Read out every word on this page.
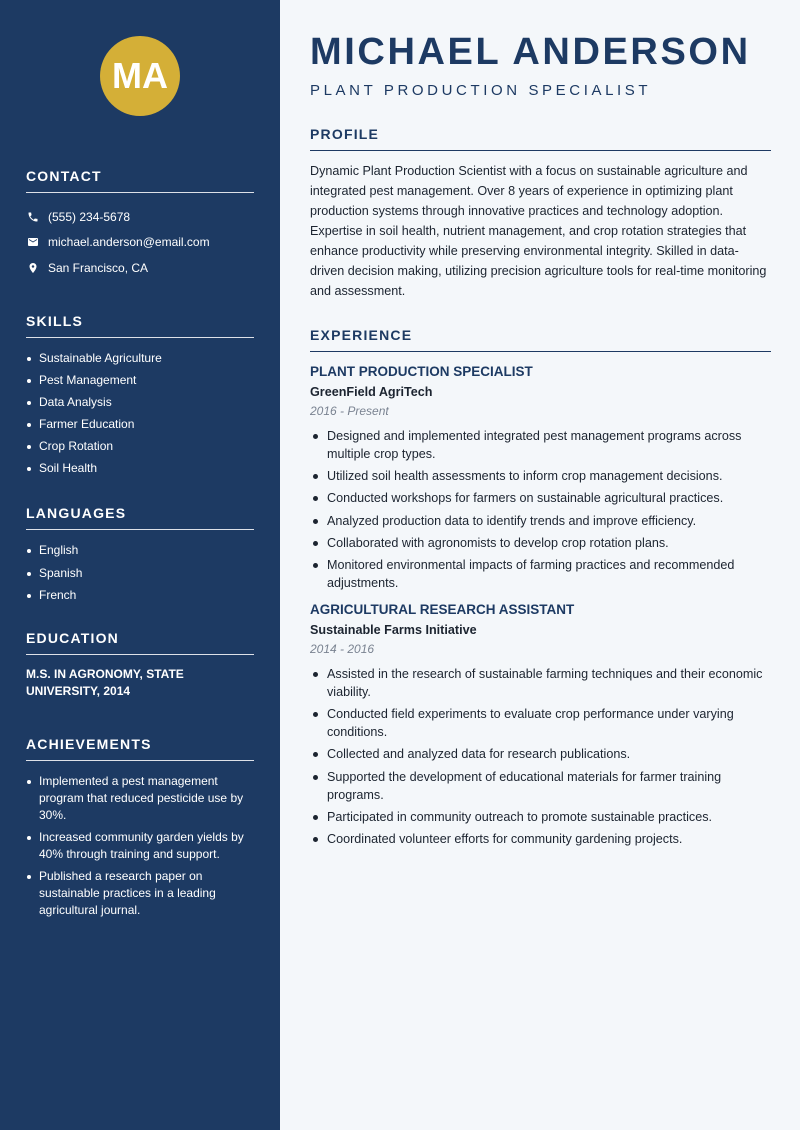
MA
CONTACT
(555) 234-5678
michael.anderson@email.com
San Francisco, CA
SKILLS
Sustainable Agriculture
Pest Management
Data Analysis
Farmer Education
Crop Rotation
Soil Health
LANGUAGES
English
Spanish
French
EDUCATION

M.S. IN AGRONOMY, STATE UNIVERSITY, 2014

ACHIEVEMENTS
Implemented a pest management program that reduced pesticide use by 30%.
Increased community garden yields by 40% through training and support.
Published a research paper on sustainable practices in a leading agricultural journal.
MICHAEL ANDERSON
PLANT PRODUCTION SPECIALIST
PROFILE

Dynamic Plant Production Scientist with a focus on sustainable agriculture and integrated pest management. Over 8 years of experience in optimizing plant production systems through innovative practices and technology adoption. Expertise in soil health, nutrient management, and crop rotation strategies that enhance productivity while preserving environmental integrity. Skilled in data-driven decision making, utilizing precision agriculture tools for real-time monitoring and assessment.

EXPERIENCE
PLANT PRODUCTION SPECIALIST
GreenField AgriTech
2016 - Present
Designed and implemented integrated pest management programs across multiple crop types.
Utilized soil health assessments to inform crop management decisions.
Conducted workshops for farmers on sustainable agricultural practices.
Analyzed production data to identify trends and improve efficiency.
Collaborated with agronomists to develop crop rotation plans.
Monitored environmental impacts of farming practices and recommended adjustments.
AGRICULTURAL RESEARCH ASSISTANT
Sustainable Farms Initiative
2014 - 2016
Assisted in the research of sustainable farming techniques and their economic viability.
Conducted field experiments to evaluate crop performance under varying conditions.
Collected and analyzed data for research publications.
Supported the development of educational materials for farmer training programs.
Participated in community outreach to promote sustainable practices.
Coordinated volunteer efforts for community gardening projects.
